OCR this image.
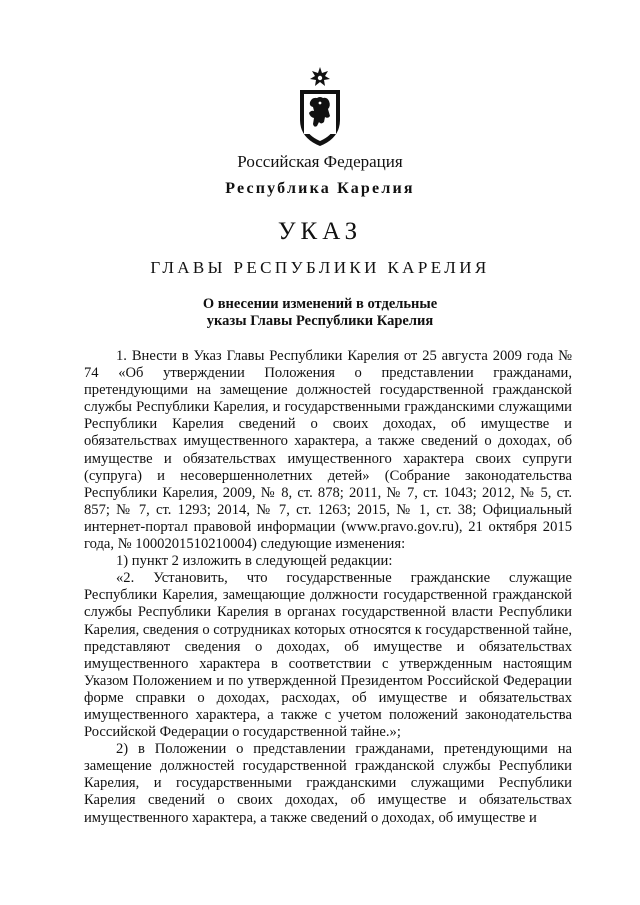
Российская Федерация

Республика Карелия

УКАЗ

ГЛАВЫ РЕСПУБЛИКИ КАРЕЛИЯ

О внесении изменений в отдельные
указы Главы Республики Карелия

1. Внести в Указ Главы Республики Карелия от 25 августа 2009 года № 74 «Об утверждении Положения о представлении гражданами, претендующими на замещение должностей государственной гражданской службы Республики Карелия, и государственными гражданскими служащими Республики Карелия сведений о своих доходах, об имуществе и обязательствах имущественного характера, а также сведений о доходах, об имуществе и обязательствах имущественного характера своих супруги (супруга) и несовершеннолетних детей» (Собрание законодательства Республики Карелия, 2009, № 8, ст. 878; 2011, № 7, ст. 1043; 2012, № 5, ст. 857; № 7, ст. 1293; 2014, № 7, ст. 1263; 2015, № 1, ст. 38; Официальный интернет-портал правовой информации (www.pravo.gov.ru), 21 октября 2015 года, № 1000201510210004) следующие изменения:

1) пункт 2 изложить в следующей редакции:

«2. Установить, что государственные гражданские служащие Республики Карелия, замещающие должности государственной гражданской службы Республики Карелия в органах государственной власти Республики Карелия, сведения о сотрудниках которых относятся к государственной тайне, представляют сведения о доходах, об имуществе и обязательствах имущественного характера в соответствии с утвержденным настоящим Указом Положением и по утвержденной Президентом Российской Федерации форме справки о доходах, расходах, об имуществе и обязательствах имущественного характера, а также с учетом положений законодательства Российской Федерации о государственной тайне.»;

2) в Положении о представлении гражданами, претендующими на замещение должностей государственной гражданской службы Республики Карелия, и государственными гражданскими служащими Республики Карелия сведений о своих доходах, об имуществе и обязательствах имущественного характера, а также сведений о доходах, об имуществе и
